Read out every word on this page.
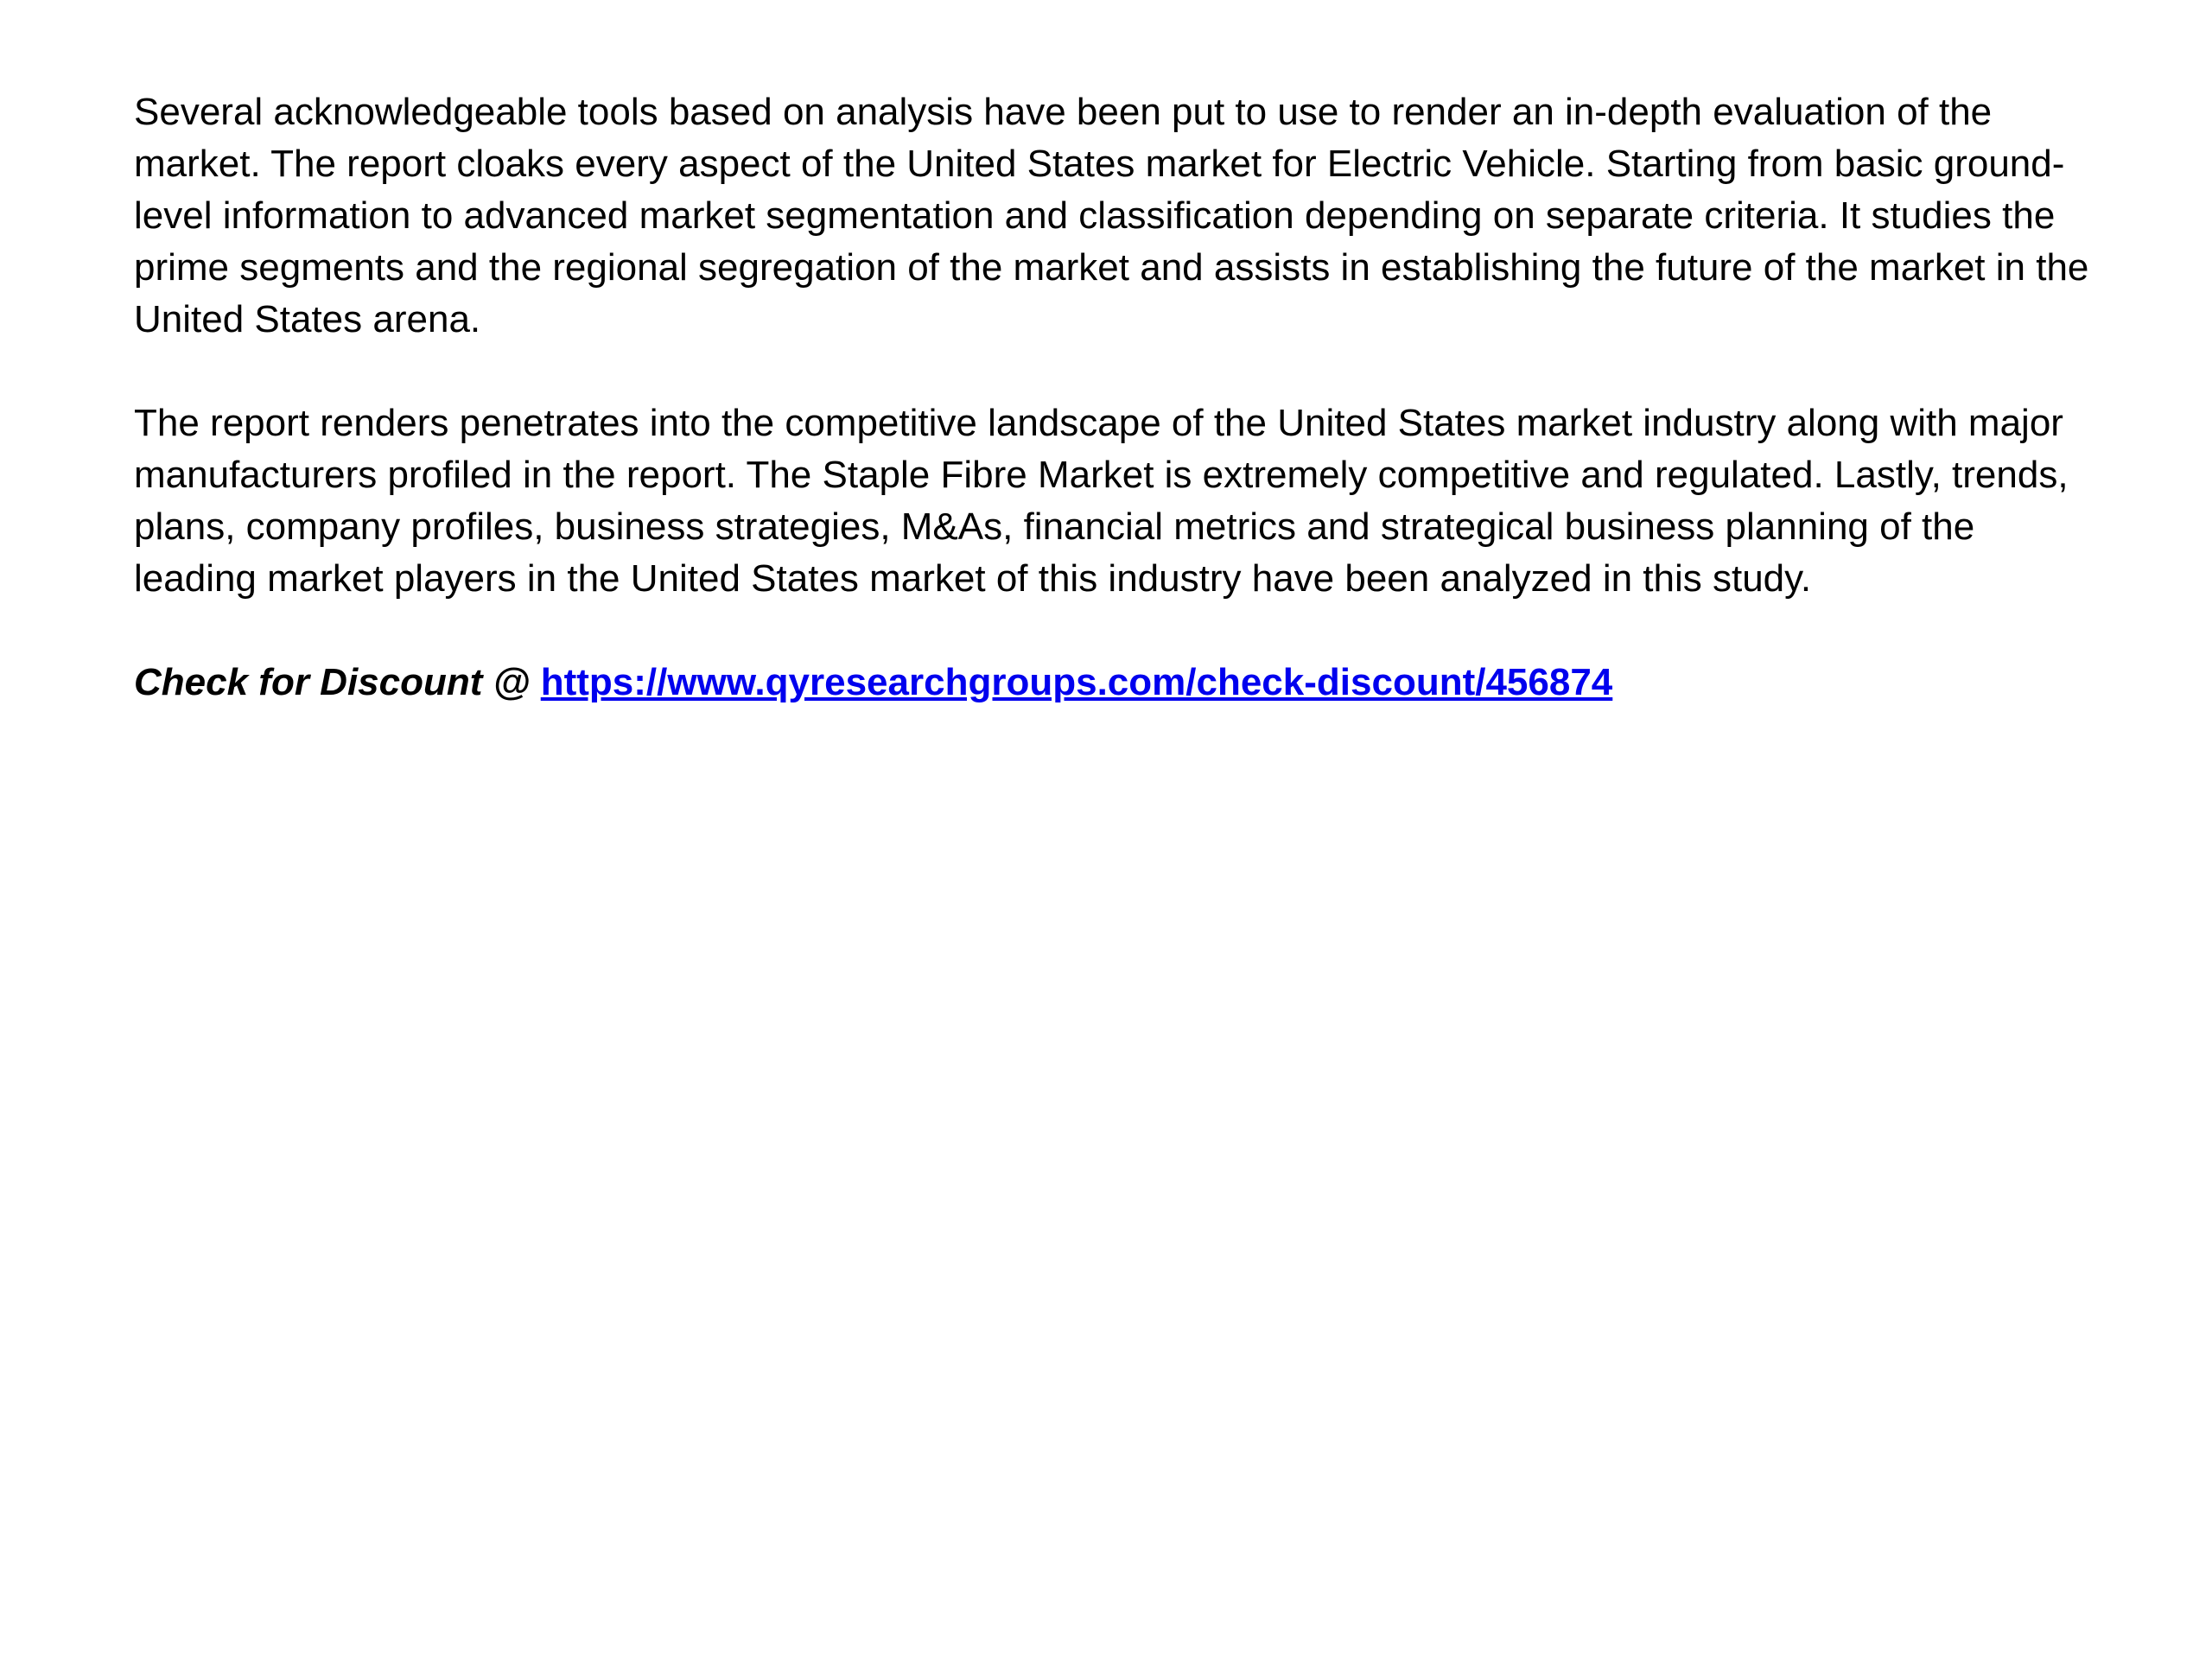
Several acknowledgeable tools based on analysis have been put to use to render an in-depth evaluation of the market. The report cloaks every aspect of the United States market for Electric Vehicle. Starting from basic ground-level information to advanced market segmentation and classification depending on separate criteria. It studies the prime segments and the regional segregation of the market and assists in establishing the future of the market in the United States arena.

The report renders penetrates into the competitive landscape of the United States market industry along with major manufacturers profiled in the report. The Staple Fibre Market is extremely competitive and regulated. Lastly, trends, plans, company profiles, business strategies, M&As, financial metrics and strategical business planning of the leading market players in the United States market of this industry have been analyzed in this study.

Check for Discount @ https://www.qyresearchgroups.com/check-discount/456874
